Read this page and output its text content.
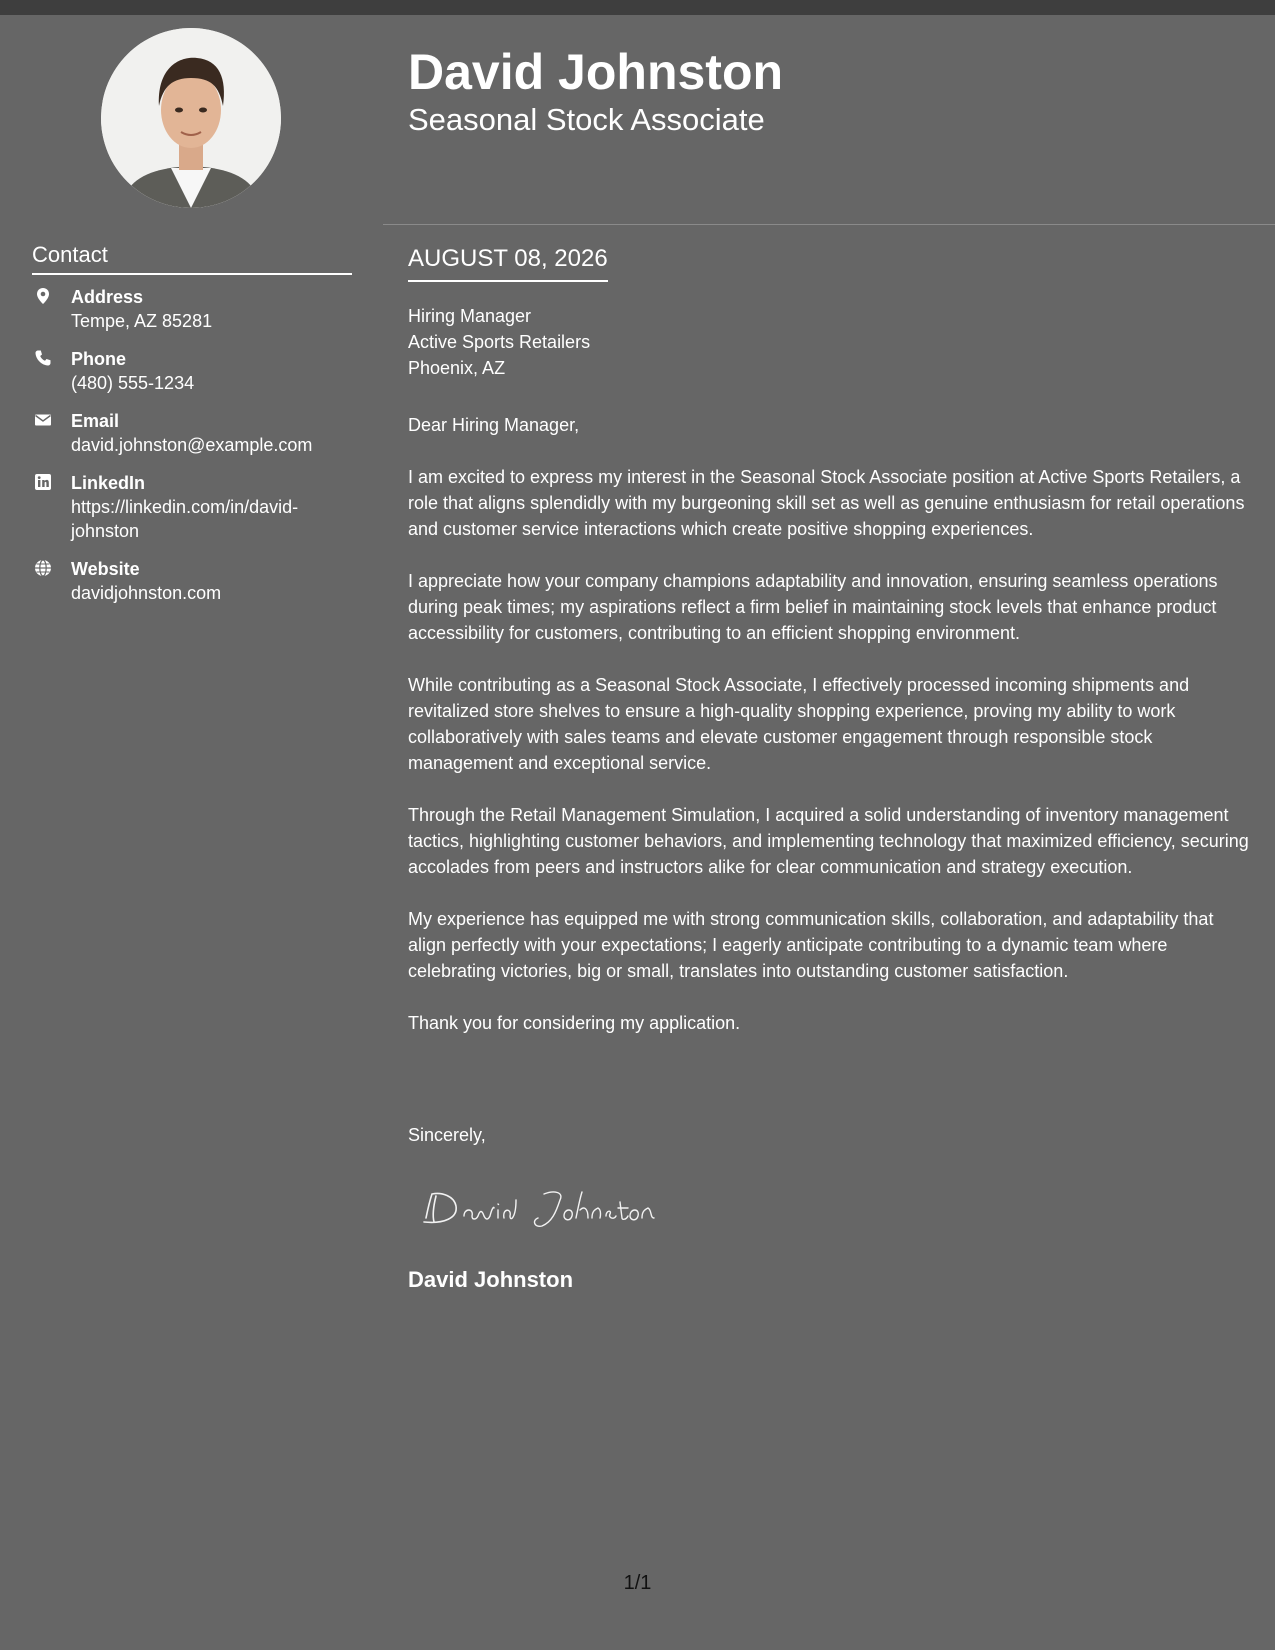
Contact
Address
Tempe, AZ 85281
Phone
(480) 555-1234
Email
david.johnston@example.com
LinkedIn
https://linkedin.com/in/david-johnston
Website
davidjohnston.com
David Johnston
Seasonal Stock Associate
AUGUST 08, 2026
Hiring Manager
Active Sports Retailers
Phoenix, AZ

Dear Hiring Manager,

I am excited to express my interest in the Seasonal Stock Associate position at Active Sports Retailers, a role that aligns splendidly with my burgeoning skill set as well as genuine enthusiasm for retail operations and customer service interactions which create positive shopping experiences.

I appreciate how your company champions adaptability and innovation, ensuring seamless operations during peak times; my aspirations reflect a firm belief in maintaining stock levels that enhance product accessibility for customers, contributing to an efficient shopping environment.

While contributing as a Seasonal Stock Associate, I effectively processed incoming shipments and revitalized store shelves to ensure a high-quality shopping experience, proving my ability to work collaboratively with sales teams and elevate customer engagement through responsible stock management and exceptional service.

Through the Retail Management Simulation, I acquired a solid understanding of inventory management tactics, highlighting customer behaviors, and implementing technology that maximized efficiency, securing accolades from peers and instructors alike for clear communication and strategy execution.

My experience has equipped me with strong communication skills, collaboration, and adaptability that align perfectly with your expectations; I eagerly anticipate contributing to a dynamic team where celebrating victories, big or small, translates into outstanding customer satisfaction.

Thank you for considering my application.

Sincerely,
David Johnston
1/1
